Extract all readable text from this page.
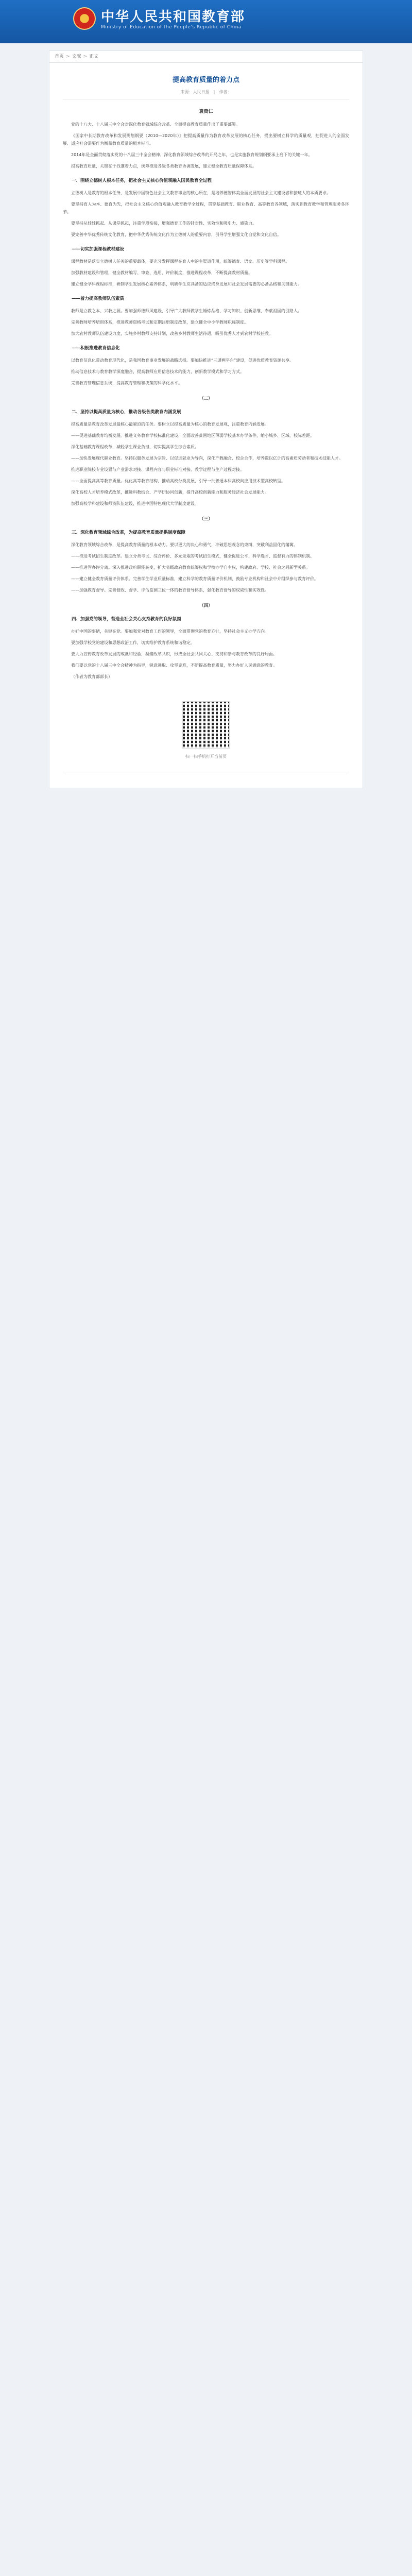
中华人民共和国教育部
Ministry of Education of the People's Republic of China
首页 > 文献 > 正文
提高教育质量的着力点
来源：人民日报　|　作者：
袁贵仁
党的十八大、十八届三中全会对深化教育领域综合改革、全面提高教育质量作出了重要部署。
《国家中长期教育改革和发展规划纲要（2010—2020年）》把提高质量作为教育改革发展的核心任务，提出要树立科学的质量观，把促进人的全面发展、适应社会需要作为衡量教育质量的根本标准。
2014年是全面贯彻落实党的十八届三中全会精神、深化教育领域综合改革的开局之年，也是实施教育规划纲要承上启下的关键一年。
提高教育质量，关键在于找准着力点，统筹推进各级各类教育协调发展，建立健全教育质量保障体系。
一、围绕立德树人根本任务，把社会主义核心价值观融入国民教育全过程
立德树人是教育的根本任务，是发展中国特色社会主义教育事业的核心所在，是培养德智体美全面发展的社会主义建设者和接班人的本质要求。
要坚持育人为本、德育为先，把社会主义核心价值观融入教育教学全过程，贯穿基础教育、职业教育、高等教育各领域，落实到教育教学和管理服务各环节。
要坚持从娃娃抓起、从课堂抓起，注重学段衔接，增强德育工作的针对性、实效性和吸引力、感染力。
要完善中华优秀传统文化教育，把中华优秀传统文化作为立德树人的重要内容，引导学生增强文化自觉和文化自信。
——切实加强课程教材建设
课程教材是落实立德树人任务的重要载体，要充分发挥课程在育人中的主渠道作用，统筹德育、语文、历史等学科课程。
加强教材建设和管理，健全教材编写、审查、选用、评价制度，推进课程改革，不断提高教材质量。
建立健全学科课程标准，研制学生发展核心素养体系，明确学生应具备的适应终身发展和社会发展需要的必备品格和关键能力。
——着力提高教师队伍素质
教师是立教之本、兴教之源。要加强师德师风建设，引导广大教师做学生锤炼品格、学习知识、创新思维、奉献祖国的引路人。
完善教师培养培训体系，推进教师资格考试和定期注册制度改革，建立健全中小学教师职称制度。
加大农村教师队伍建设力度，实施乡村教师支持计划，改善乡村教师生活待遇，吸引优秀人才到农村学校任教。
——积极推进教育信息化
以教育信息化带动教育现代化，是我国教育事业发展的战略选择。要加快推进“三通两平台”建设，促进优质教育资源共享。
推动信息技术与教育教学深度融合，提高教师应用信息技术的能力，创新教学模式和学习方式。
完善教育管理信息系统，提高教育管理和决策的科学化水平。
（二）
二、坚持以提高质量为核心，推动各级各类教育内涵发展
提高质量是教育改革发展最核心最紧迫的任务。要树立以提高质量为核心的教育发展观，注重教育内涵发展。
——促进基础教育均衡发展。推进义务教育学校标准化建设，全面改善贫困地区薄弱学校基本办学条件，缩小城乡、区域、校际差距。
深化基础教育课程改革，减轻学生课业负担，切实提高学生综合素质。
——加快发展现代职业教育。坚持以服务发展为宗旨、以促进就业为导向，深化产教融合、校企合作，培养数以亿计的高素质劳动者和技术技能人才。
推进职业院校专业设置与产业需求对接、课程内容与职业标准对接、教学过程与生产过程对接。
——全面提高高等教育质量。优化高等教育结构，推动高校分类发展，引导一批普通本科高校向应用技术型高校转型。
深化高校人才培养模式改革，推进科教结合、产学研协同创新，提升高校创新能力和服务经济社会发展能力。
加强高校学科建设和师资队伍建设，推进中国特色现代大学制度建设。
（三）
三、深化教育领域综合改革，为提高教育质量提供制度保障
深化教育领域综合改革，是提高教育质量的根本动力。要以更大的决心和勇气，冲破思想观念的束缚，突破利益固化的藩篱。
——推进考试招生制度改革。建立分类考试、综合评价、多元录取的考试招生模式，健全促进公平、科学选才、监督有力的体制机制。
——推进管办评分离。深入推进政府职能转变，扩大省级政府教育统筹权和学校办学自主权，构建政府、学校、社会之间新型关系。
——建立健全教育质量评价体系。完善学生学业质量标准，建立科学的教育质量评价机制，鼓励专业机构和社会中介组织参与教育评价。
——加强教育督导。完善督政、督学、评估监测三位一体的教育督导体系，强化教育督导的权威性和实效性。
（四）
四、加强党的领导，营造全社会关心支持教育的良好氛围
办好中国的事情，关键在党。要加强党对教育工作的领导，全面贯彻党的教育方针，坚持社会主义办学方向。
要加强学校党的建设和思想政治工作，切实维护教育系统和谐稳定。
要大力宣传教育改革发展的成就和经验，凝聚改革共识，形成全社会共同关心、支持和参与教育改革的良好局面。
我们要以党的十八届三中全会精神为指导，锐意进取、攻坚克难，不断提高教育质量，努力办好人民满意的教育。
（作者为教育部部长）
扫一扫手机打开当前页
